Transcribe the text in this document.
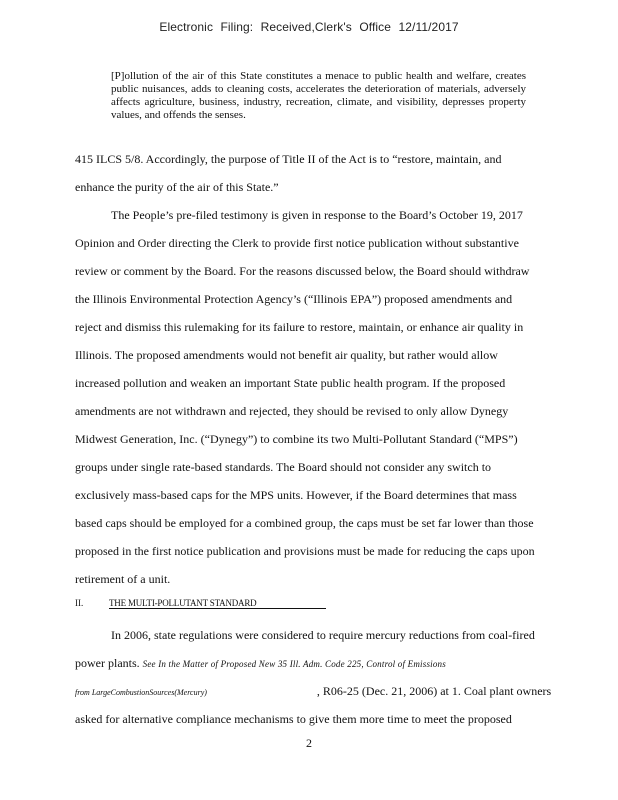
Electronic Filing: Received,Clerk's Office 12/11/2017
[P]ollution of the air of this State constitutes a menace to public health and welfare, creates public nuisances, adds to cleaning costs, accelerates the deterioration of materials, adversely affects agriculture, business, industry, recreation, climate, and visibility, depresses property values, and offends the senses.
415 ILCS 5/8. Accordingly, the purpose of Title II of the Act is to “restore, maintain, and
enhance the purity of the air of this State.”
The People’s pre-filed testimony is given in response to the Board’s October 19, 2017
Opinion and Order directing the Clerk to provide first notice publication without substantive
review or comment by the Board. For the reasons discussed below, the Board should withdraw
the Illinois Environmental Protection Agency’s (“Illinois EPA”) proposed amendments and
reject and dismiss this rulemaking for its failure to restore, maintain, or enhance air quality in
Illinois. The proposed amendments would not benefit air quality, but rather would allow
increased pollution and weaken an important State public health program. If the proposed
amendments are not withdrawn and rejected, they should be revised to only allow Dynegy
Midwest Generation, Inc. (“Dynegy”) to combine its two Multi-Pollutant Standard (“MPS”)
groups under single rate-based standards. The Board should not consider any switch to
exclusively mass-based caps for the MPS units. However, if the Board determines that mass
based caps should be employed for a combined group, the caps must be set far lower than those
proposed in the first notice publication and provisions must be made for reducing the caps upon
retirement of a unit.
II.	THE MULTI-POLLUTANT STANDARD
In 2006, state regulations were considered to require mercury reductions from coal-fired
power plants. See In the Matter of Proposed New 35 Ill. Adm. Code 225, Control of Emissions
from LargeCombustionSources(Mercury)	, R06-25 (Dec. 21, 2006) at 1. Coal plant owners
asked for alternative compliance mechanisms to give them more time to meet the proposed
2
